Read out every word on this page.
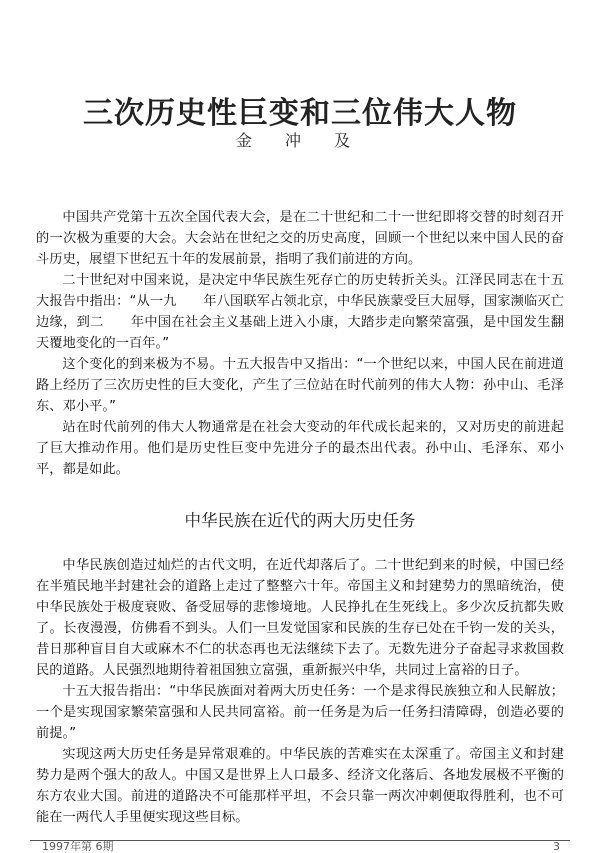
三次历史性巨变和三位伟大人物
金 冲 及

中国共产党第十五次全国代表大会，是在二十世纪和二十一世纪即将交替的时刻召开的一次极为重要的大会。大会站在世纪之交的历史高度，回顾一个世纪以来中国人民的奋斗历史，展望下世纪五十年的发展前景，指明了我们前进的方向。

二十世纪对中国来说，是决定中华民族生死存亡的历史转折关头。江泽民同志在十五大报告中指出：“从一九　　年八国联军占领北京，中华民族蒙受巨大屈辱，国家濒临灭亡边缘，到二　　年中国在社会主义基础上进入小康，大踏步走向繁荣富强，是中国发生翻天覆地变化的一百年。”

这个变化的到来极为不易。十五大报告中又指出：“一个世纪以来，中国人民在前进道路上经历了三次历史性的巨大变化，产生了三位站在时代前列的伟大人物：孙中山、毛泽东、邓小平。”

站在时代前列的伟大人物通常是在社会大变动的年代成长起来的，又对历史的前进起了巨大推动作用。他们是历史性巨变中先进分子的最杰出代表。孙中山、毛泽东、邓小平，都是如此。

中华民族在近代的两大历史任务

中华民族创造过灿烂的古代文明，在近代却落后了。二十世纪到来的时候，中国已经在半殖民地半封建社会的道路上走过了整整六十年。帝国主义和封建势力的黑暗统治，使中华民族处于极度衰败、备受屈辱的悲惨境地。人民挣扎在生死线上。多少次反抗都失败了。长夜漫漫，仿佛看不到头。人们一旦发觉国家和民族的生存已处在千钧一发的关头，昔日那种盲目自大或麻木不仁的状态再也无法继续下去了。无数先进分子奋起寻求救国救民的道路。人民强烈地期待着祖国独立富强，重新振兴中华，共同过上富裕的日子。

十五大报告指出：“中华民族面对着两大历史任务：一个是求得民族独立和人民解放；一个是实现国家繁荣富强和人民共同富裕。前一任务是为后一任务扫清障碍，创造必要的前提。”

实现这两大历史任务是异常艰难的。中华民族的苦难实在太深重了。帝国主义和封建势力是两个强大的敌人。中国又是世界上人口最多、经济文化落后、各地发展极不平衡的东方农业大国。前进的道路决不可能那样平坦，不会只靠一两次冲刺便取得胜利，也不可能在一两代人手里便实现这些目标。

1997年第 6期	3
